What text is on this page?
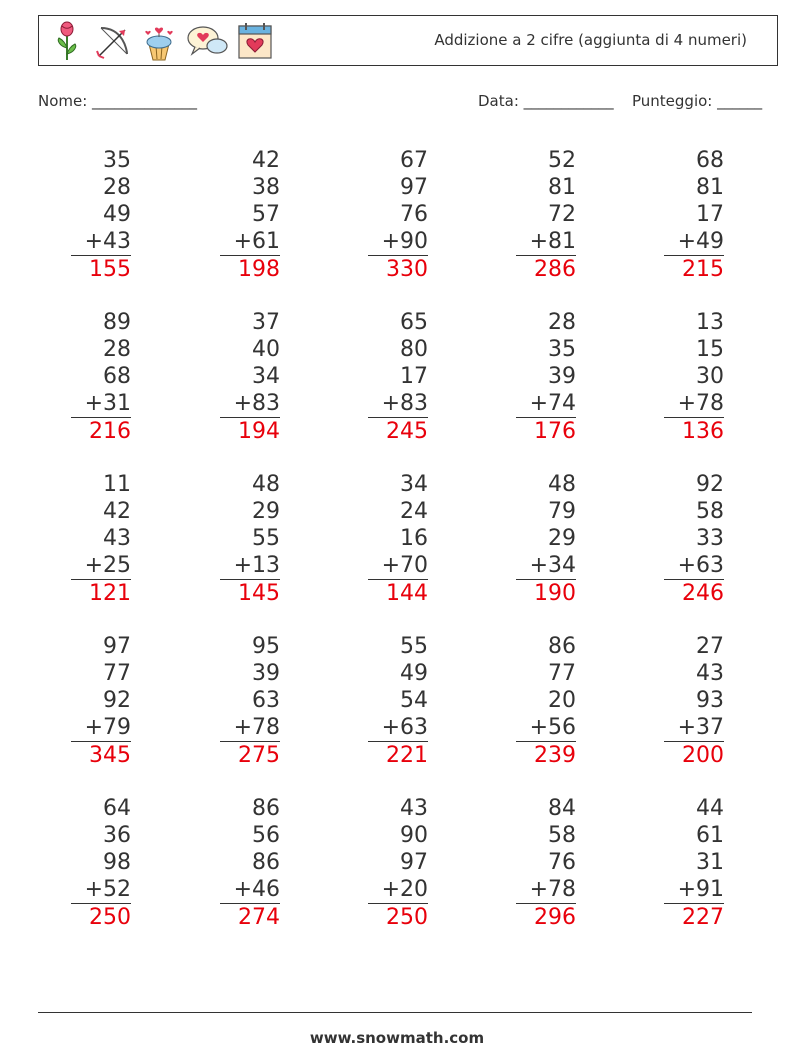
Addizione a 2 cifre (aggiunta di 4 numeri)
Nome: ______________	Data: ____________ Punteggio: ______
35
28
49
+43
155
42
38
57
+61
198
67
97
76
+90
330
52
81
72
+81
286
68
81
17
+49
215
89
28
68
+31
216
37
40
34
+83
194
65
80
17
+83
245
28
35
39
+74
176
13
15
30
+78
136
11
42
43
+25
121
48
29
55
+13
145
34
24
16
+70
144
48
79
29
+34
190
92
58
33
+63
246
97
77
92
+79
345
95
39
63
+78
275
55
49
54
+63
221
86
77
20
+56
239
27
43
93
+37
200
64
36
98
+52
250
86
56
86
+46
274
43
90
97
+20
250
84
58
76
+78
296
44
61
31
+91
227
www.snowmath.com
